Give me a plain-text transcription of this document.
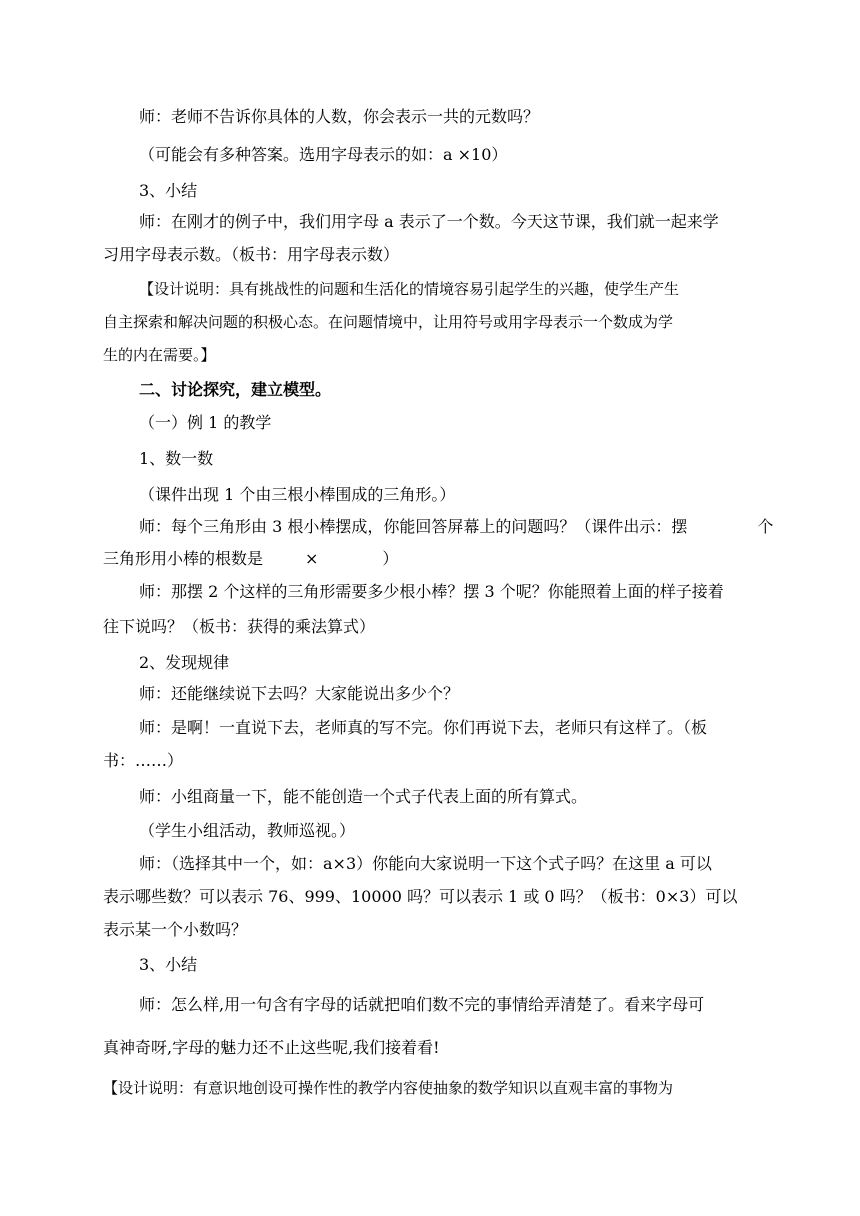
师：老师不告诉你具体的人数，你会表示一共的元数吗？
（可能会有多种答案。选用字母表示的如：a ×10）
3、小结
师：在刚才的例子中，我们用字母 a 表示了一个数。今天这节课，我们就一起来学
习用字母表示数。（板书：用字母表示数）
【设计说明：具有挑战性的问题和生活化的情境容易引起学生的兴趣，使学生产生
自主探索和解决问题的积极心态。在问题情境中，让用符号或用字母表示一个数成为学
生的内在需要。】
二、讨论探究，建立模型。
（一）例 1 的教学
1、数一数
（课件出现 1 个由三根小棒围成的三角形。）
师：每个三角形由 3 根小棒摆成，你能回答屏幕上的问题吗？（课件出示：摆	个
三角形用小棒的根数是	×	）
师：那摆 2 个这样的三角形需要多少根小棒？摆 3 个呢？你能照着上面的样子接着
往下说吗？（板书：获得的乘法算式）
2、发现规律
师：还能继续说下去吗？大家能说出多少个？
师：是啊！一直说下去，老师真的写不完。你们再说下去，老师只有这样了。（板
书：……）
师：小组商量一下，能不能创造一个式子代表上面的所有算式。
（学生小组活动，教师巡视。）
师：（选择其中一个，如：a×3）你能向大家说明一下这个式子吗？在这里 a 可以
表示哪些数？可以表示 76、999、10000 吗？可以表示 1 或 0 吗？（板书：0×3）可以
表示某一个小数吗？
3、小结
师：怎么样,用一句含有字母的话就把咱们数不完的事情给弄清楚了。看来字母可
真神奇呀,字母的魅力还不止这些呢,我们接着看!
【设计说明：有意识地创设可操作性的教学内容使抽象的数学知识以直观丰富的事物为
